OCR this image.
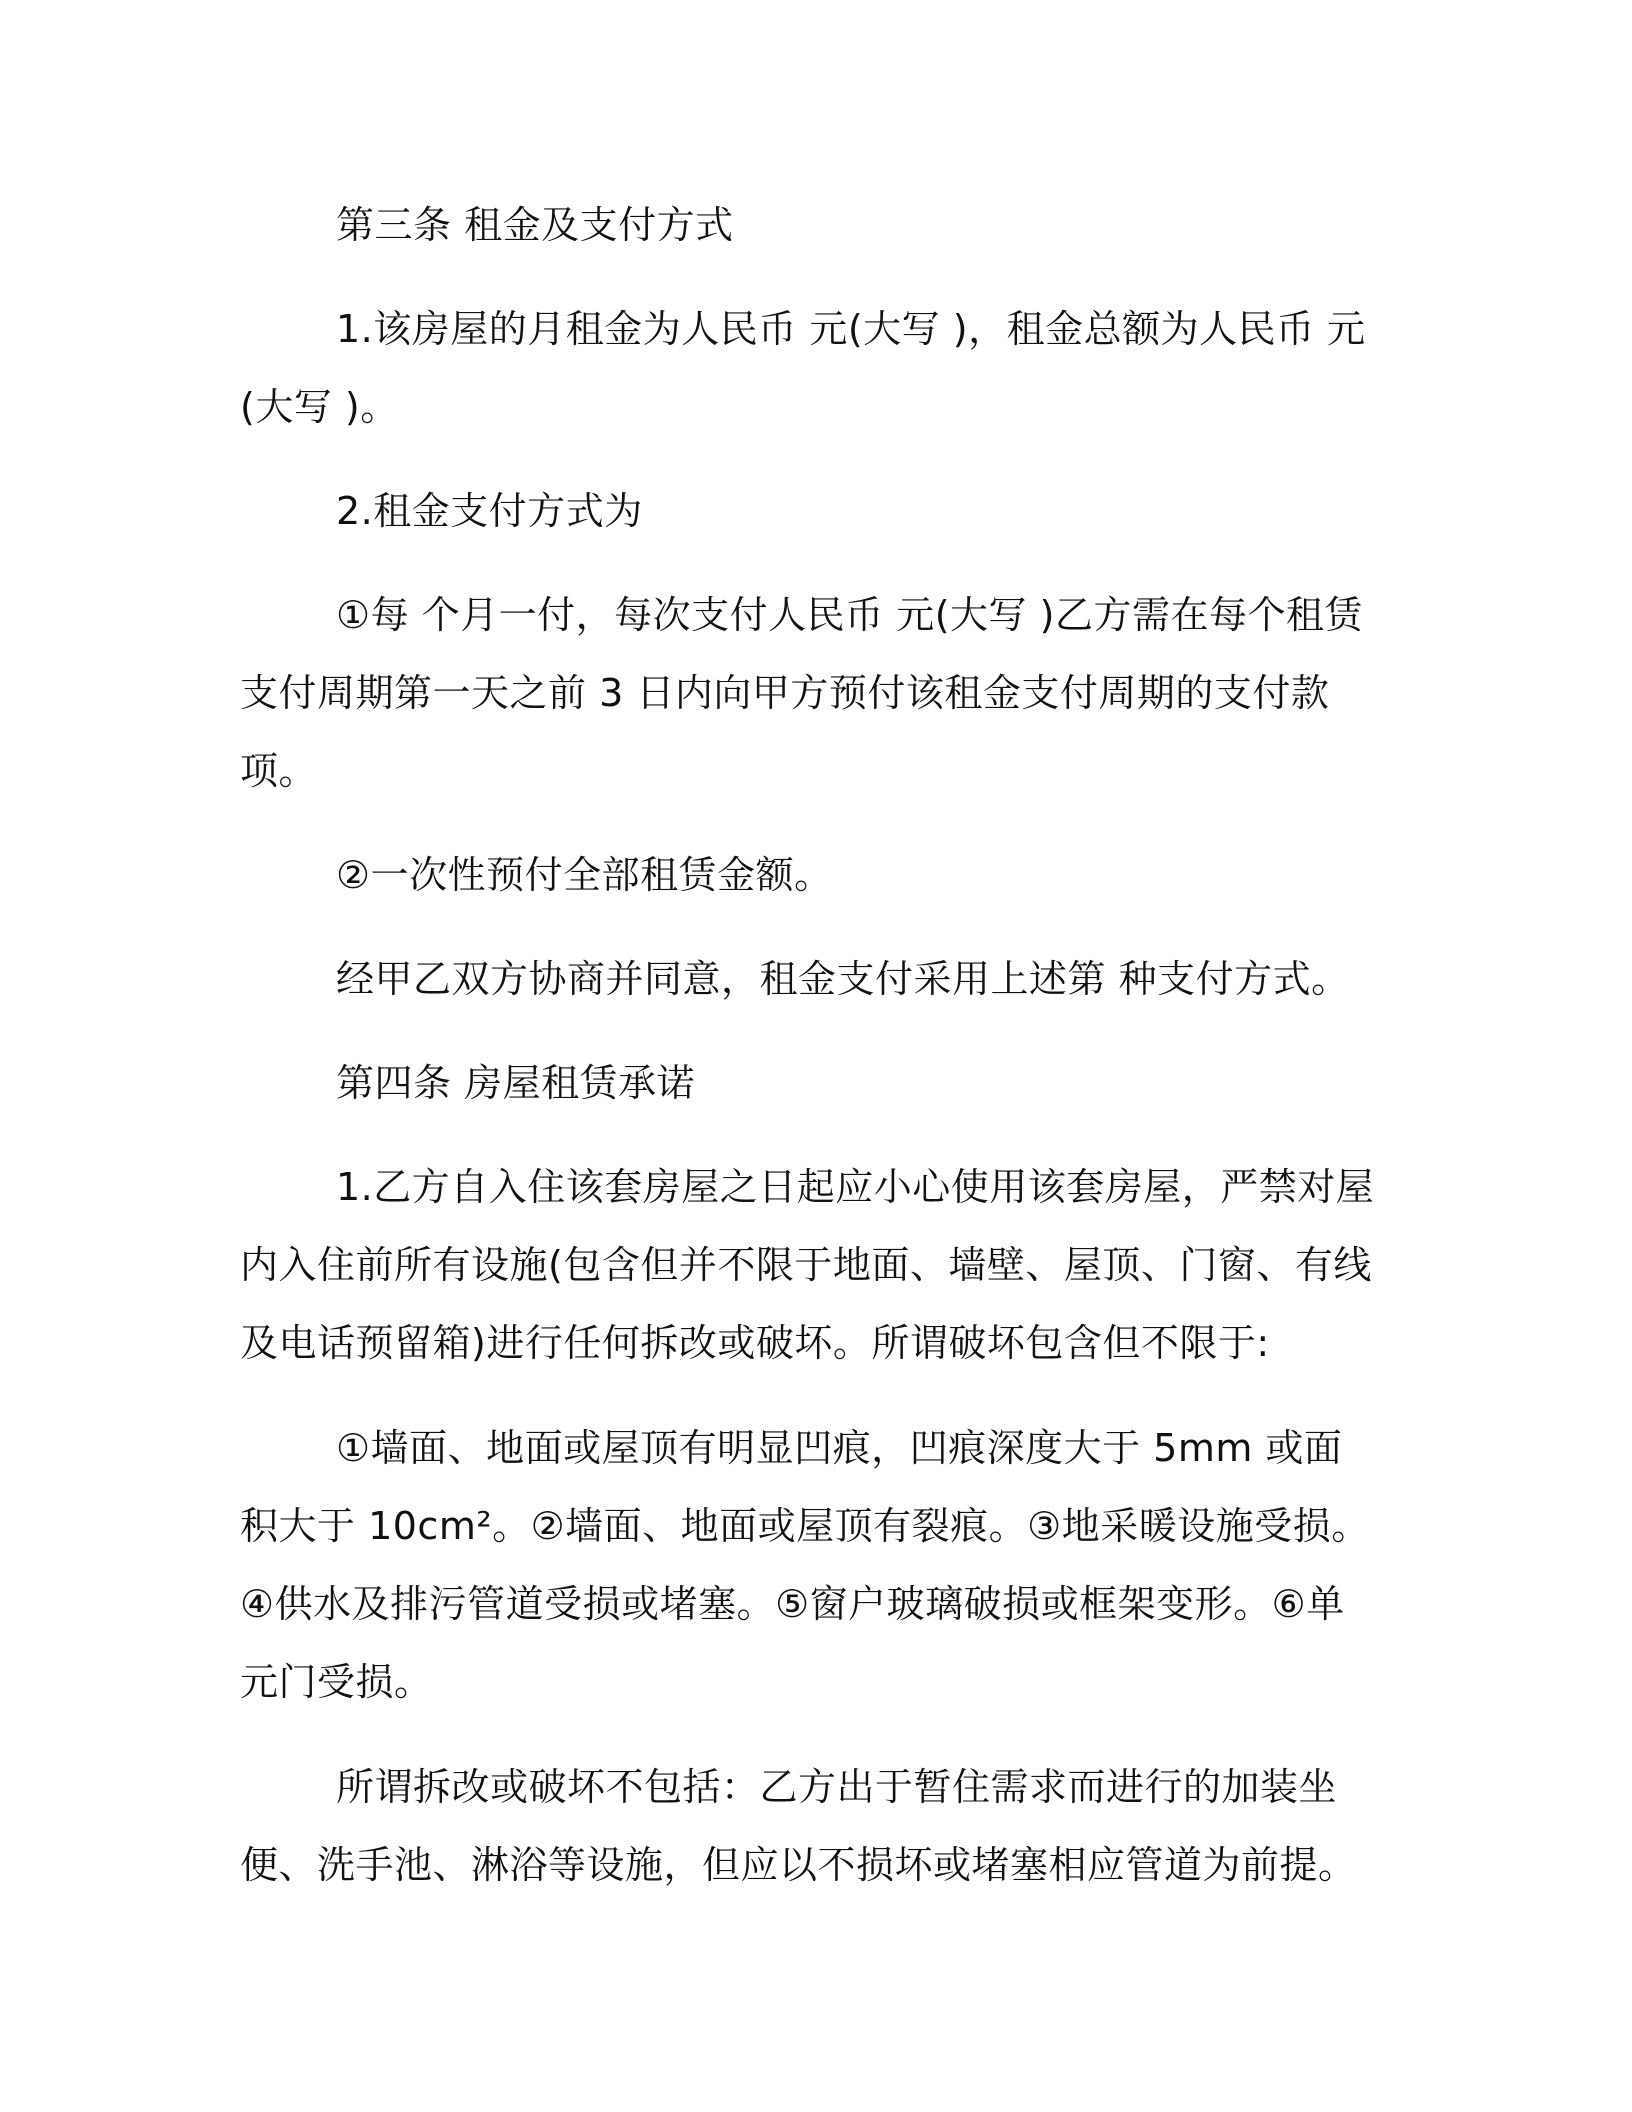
第三条 租金及支付方式

1.该房屋的月租金为人民币 元(大写 )，租金总额为人民币 元(大写 )。

2.租金支付方式为

①每 个月一付，每次支付人民币 元(大写 )乙方需在每个租赁支付周期第一天之前 3 日内向甲方预付该租金支付周期的支付款项。

②一次性预付全部租赁金额。

经甲乙双方协商并同意，租金支付采用上述第 种支付方式。

第四条 房屋租赁承诺

1.乙方自入住该套房屋之日起应小心使用该套房屋，严禁对屋内入住前所有设施(包含但并不限于地面、墙壁、屋顶、门窗、有线及电话预留箱)进行任何拆改或破坏。所谓破坏包含但不限于:

①墙面、地面或屋顶有明显凹痕，凹痕深度大于 5mm 或面积大于 10cm²。②墙面、地面或屋顶有裂痕。③地采暖设施受损。④供水及排污管道受损或堵塞。⑤窗户玻璃破损或框架变形。⑥单元门受损。

所谓拆改或破坏不包括：乙方出于暂住需求而进行的加装坐便、洗手池、淋浴等设施，但应以不损坏或堵塞相应管道为前提。
